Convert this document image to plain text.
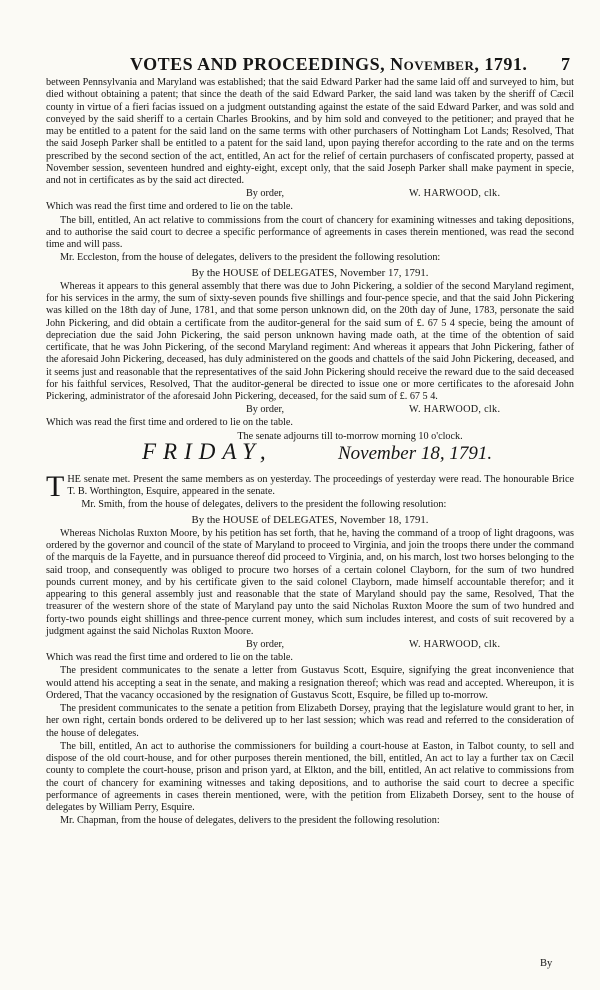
VOTES AND PROCEEDINGS, November, 1791. 7

between Pennsylvania and Maryland was established; that the said Edward Parker had the same laid off and surveyed to him, but died without obtaining a patent; that since the death of the said Edward Parker, the said land was taken by the sheriff of Cæcil county in virtue of a fieri facias issued on a judgment outstanding against the estate of the said Edward Parker, and was sold and conveyed by the said sheriff to a certain Charles Brookins, and by him sold and conveyed to the petitioner; and prayed that he may be entitled to a patent for the said land on the same terms with other purchasers of Nottingham Lot Lands; Resolved, That the said Joseph Parker shall be entitled to a patent for the said land, upon paying therefor according to the rate and on the terms prescribed by the second section of the act, entitled, An act for the relief of certain purchasers of confiscated property, passed at November session, seventeen hundred and eighty-eight, except only, that the said Joseph Parker shall make payment in specie, and not in certificates as by the said act directed.

By order,	W. HARWOOD, clk.

Which was read the first time and ordered to lie on the table.

The bill, entitled, An act relative to commissions from the court of chancery for examining witnesses and taking depositions, and to authorise the said court to decree a specific performance of agreements in cases therein mentioned, was read the second time and will pass.

Mr. Eccleston, from the house of delegates, delivers to the president the following resolution:

By the HOUSE of DELEGATES, November 17, 1791.

Whereas it appears to this general assembly that there was due to John Pickering, a soldier of the second Maryland regiment, for his services in the army, the sum of sixty-seven pounds five shillings and four-pence specie, and that the said John Pickering was killed on the 18th day of June, 1781, and that some person unknown did, on the 20th day of June, 1783, personate the said John Pickering, and did obtain a certificate from the auditor-general for the said sum of £. 67 5 4 specie, being the amount of depreciation due the said John Pickering, the said person unknown having made oath, at the time of the obtention of said certificate, that he was John Pickering, of the second Maryland regiment: And whereas it appears that John Pickering, father of the aforesaid John Pickering, deceased, has duly administered on the goods and chattels of the said John Pickering, deceased, and it seems just and reasonable that the representatives of the said John Pickering should receive the reward due to the said deceased for his faithful services, Resolved, That the auditor-general be directed to issue one or more certificates to the aforesaid John Pickering, administrator of the aforesaid John Pickering, deceased, for the said sum of £. 67 5 4.

By order,	W. HARWOOD, clk.

Which was read the first time and ordered to lie on the table.

The senate adjourns till to-morrow morning 10 o'clock.
FRIDAY,	November 18, 1791.

THE senate met. Present the same members as on yesterday. The proceedings of yesterday were read. The honourable Brice T. B. Worthington, Esquire, appeared in the senate.

Mr. Smith, from the house of delegates, delivers to the president the following resolution:

By the HOUSE of DELEGATES, November 18, 1791.

Whereas Nicholas Ruxton Moore, by his petition has set forth, that he, having the command of a troop of light dragoons, was ordered by the governor and council of the state of Maryland to proceed to Virginia, and join the troops there under the command of the marquis de la Fayette, and in pursuance thereof did proceed to Virginia, and, on his march, lost two horses belonging to the said troop, and consequently was obliged to procure two horses of a certain colonel Clayborn, for the sum of two hundred pounds current money, and by his certificate given to the said colonel Clayborn, made himself accountable therefor; and it appearing to this general assembly just and reasonable that the state of Maryland should pay the same, Resolved, That the treasurer of the western shore of the state of Maryland pay unto the said Nicholas Ruxton Moore the sum of two hundred and forty-two pounds eight shillings and three-pence current money, which sum includes interest, and costs of suit recovered by a judgment against the said Nicholas Ruxton Moore.

By order,	W. HARWOOD, clk.

Which was read the first time and ordered to lie on the table.

The president communicates to the senate a letter from Gustavus Scott, Esquire, signifying the great inconvenience that would attend his accepting a seat in the senate, and making a resignation thereof; which was read and accepted. Whereupon, it is Ordered, That the vacancy occasioned by the resignation of Gustavus Scott, Esquire, be filled up to-morrow.

The president communicates to the senate a petition from Elizabeth Dorsey, praying that the legislature would grant to her, in her own right, certain bonds ordered to be delivered up to her last session; which was read and referred to the consideration of the house of delegates.

The bill, entitled, An act to authorise the commissioners for building a court-house at Easton, in Talbot county, to sell and dispose of the old court-house, and for other purposes therein mentioned, the bill, entitled, An act to lay a further tax on Cæcil county to complete the court-house, prison and prison yard, at Elkton, and the bill, entitled, An act relative to commissions from the court of chancery for examining witnesses and taking depositions, and to authorise the said court to decree a specific performance of agreements in cases therein mentioned, were, with the petition from Elizabeth Dorsey, sent to the house of delegates by William Perry, Esquire.

Mr. Chapman, from the house of delegates, delivers to the president the following resolution:

By
